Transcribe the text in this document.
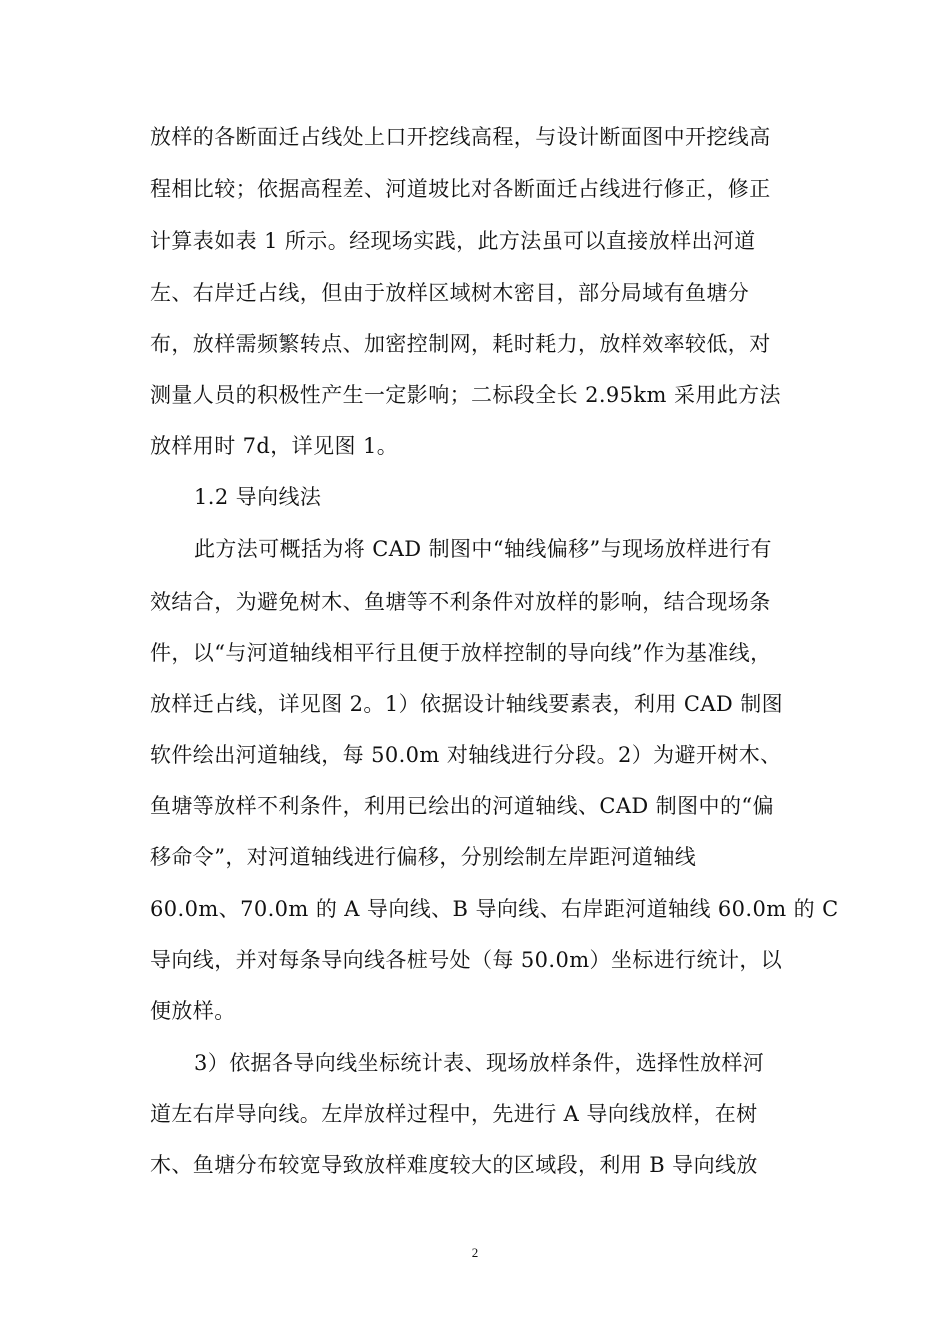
放样的各断面迁占线处上口开挖线高程，与设计断面图中开挖线高
程相比较；依据高程差、河道坡比对各断面迁占线进行修正，修正
计算表如表 1 所示。经现场实践，此方法虽可以直接放样出河道
左、右岸迁占线，但由于放样区域树木密目，部分局域有鱼塘分
布，放样需频繁转点、加密控制网，耗时耗力，放样效率较低，对
测量人员的积极性产生一定影响；二标段全长 2.95km 采用此方法
放样用时 7d，详见图 1。
1.2 导向线法
此方法可概括为将 CAD 制图中“轴线偏移”与现场放样进行有
效结合，为避免树木、鱼塘等不利条件对放样的影响，结合现场条
件，以“与河道轴线相平行且便于放样控制的导向线”作为基准线，
放样迁占线，详见图 2。1）依据设计轴线要素表，利用 CAD 制图
软件绘出河道轴线，每 50.0m 对轴线进行分段。2）为避开树木、
鱼塘等放样不利条件，利用已绘出的河道轴线、CAD 制图中的“偏
移命令”，对河道轴线进行偏移，分别绘制左岸距河道轴线
60.0m、70.0m 的 A 导向线、B 导向线、右岸距河道轴线 60.0m 的 C
导向线，并对每条导向线各桩号处（每 50.0m）坐标进行统计，以
便放样。
3）依据各导向线坐标统计表、现场放样条件，选择性放样河
道左右岸导向线。左岸放样过程中，先进行 A 导向线放样，在树
木、鱼塘分布较宽导致放样难度较大的区域段，利用 B 导向线放
2
